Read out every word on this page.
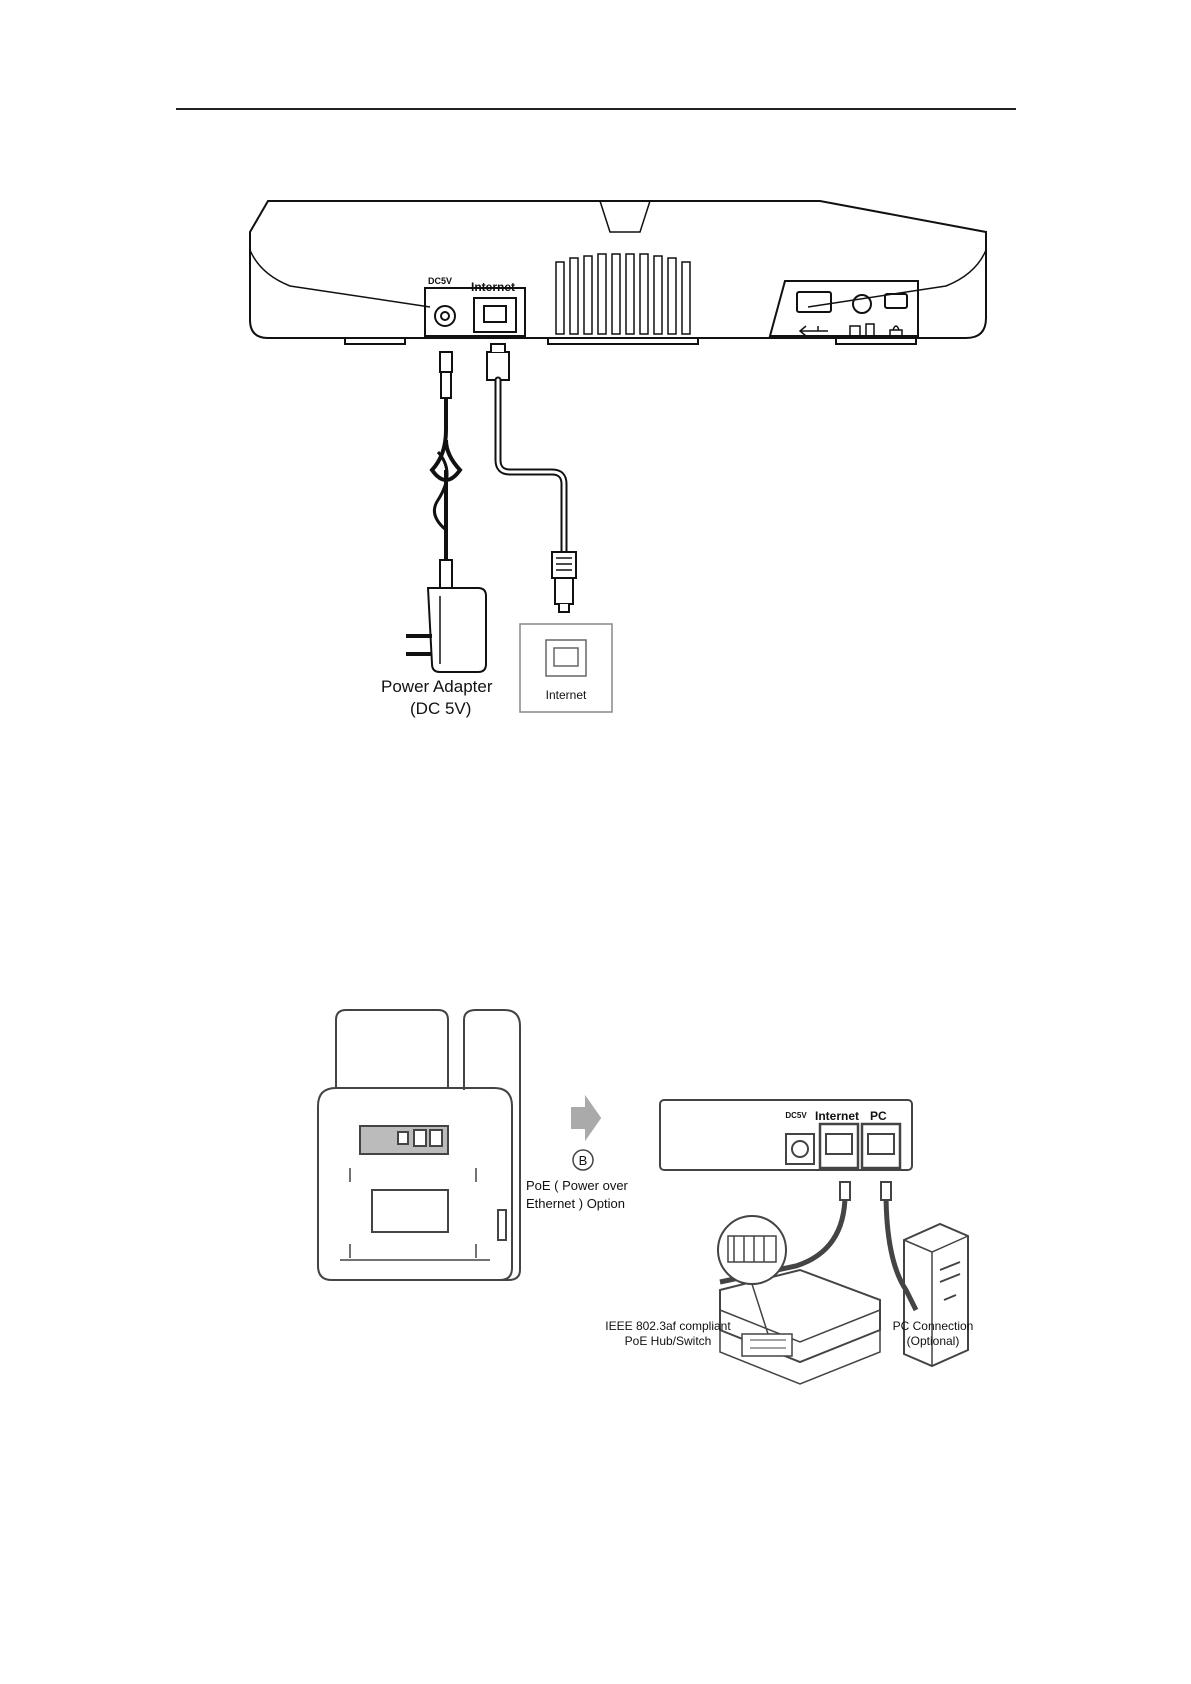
DC5V Internet
Power Adapter
(DC 5V)
Internet
B
PoE ( Power over
Ethernet ) Option
DC5V Internet PC
IEEE 802.3af compliant
PoE Hub/Switch
PC Connection
(Optional)
